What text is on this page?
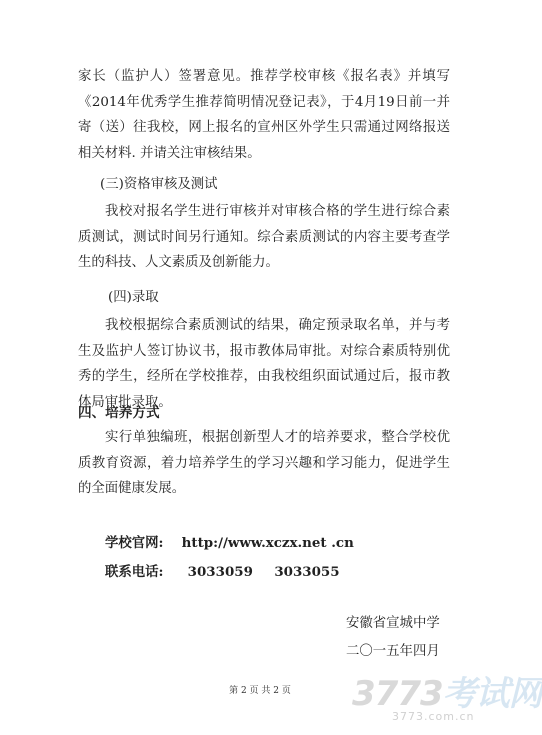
家长（监护人）签署意见。推荐学校审核《报名表》并填写《2014年优秀学生推荐简明情况登记表》，于4月19日前一并寄（送）往我校，网上报名的宣州区外学生只需通过网络报送相关材料. 并请关注审核结果。

(三)资格审核及测试

我校对报名学生进行审核并对审核合格的学生进行综合素质测试，测试时间另行通知。综合素质测试的内容主要考查学生的科技、人文素质及创新能力。

(四)录取

我校根据综合素质测试的结果，确定预录取名单，并与考生及监护人签订协议书，报市教体局审批。对综合素质特别优秀的学生，经所在学校推荐，由我校组织面试通过后，报市教体局审批录取。

四、培养方式

实行单独编班，根据创新型人才的培养要求，整合学校优质教育资源，着力培养学生的学习兴趣和学习能力，促进学生的全面健康发展。

学校官网: http://www.xczx.net .cn

联系电话: 3033059 3033055

安徽省宣城中学

二〇一五年四月

第 2 页 共 2 页	3773考试网
3773.com.cn
